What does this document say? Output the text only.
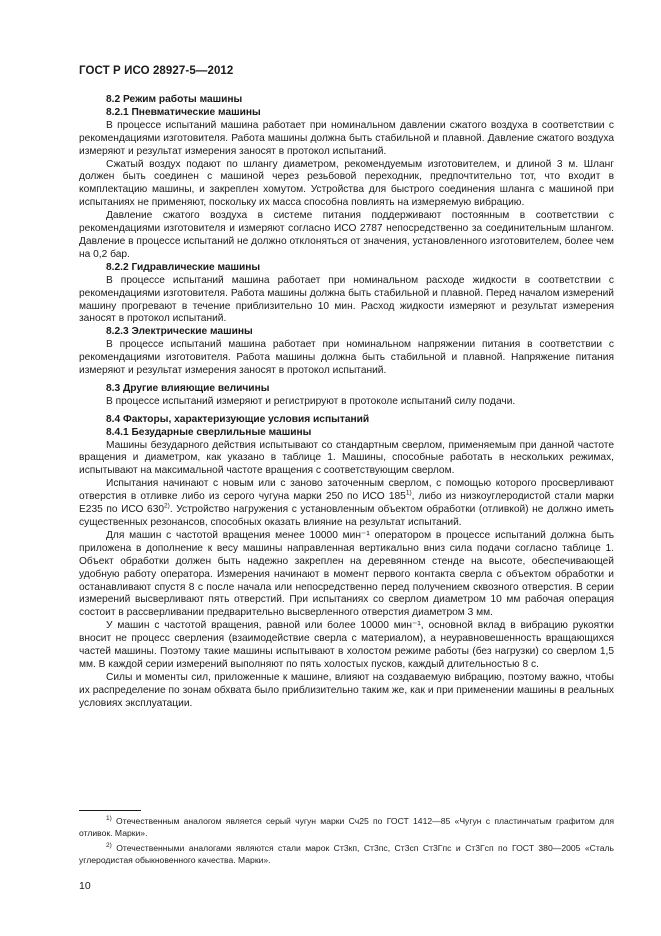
ГОСТ Р ИСО 28927-5—2012

8.2 Режим работы машины

8.2.1 Пневматические машины

В процессе испытаний машина работает при номинальном давлении сжатого воздуха в соответствии с рекомендациями изготовителя. Работа машины должна быть стабильной и плавной. Давление сжатого воздуха измеряют и результат измерения заносят в протокол испытаний.

Сжатый воздух подают по шлангу диаметром, рекомендуемым изготовителем, и длиной 3 м. Шланг должен быть соединен с машиной через резьбовой переходник, предпочтительно тот, что входит в комплектацию машины, и закреплен хомутом. Устройства для быстрого соединения шланга с машиной при испытаниях не применяют, поскольку их масса способна повлиять на измеряемую вибрацию.

Давление сжатого воздуха в системе питания поддерживают постоянным в соответствии с рекомендациями изготовителя и измеряют согласно ИСО 2787 непосредственно за соединительным шлангом. Давление в процессе испытаний не должно отклоняться от значения, установленного изготовителем, более чем на 0,2 бар.

8.2.2 Гидравлические машины

В процессе испытаний машина работает при номинальном расходе жидкости в соответствии с рекомендациями изготовителя. Работа машины должна быть стабильной и плавной. Перед началом измерений машину прогревают в течение приблизительно 10 мин. Расход жидкости измеряют и результат измерения заносят в протокол испытаний.

8.2.3 Электрические машины

В процессе испытаний машина работает при номинальном напряжении питания в соответствии с рекомендациями изготовителя. Работа машины должна быть стабильной и плавной. Напряжение питания измеряют и результат измерения заносят в протокол испытаний.

8.3 Другие влияющие величины

В процессе испытаний измеряют и регистрируют в протоколе испытаний силу подачи.

8.4 Факторы, характеризующие условия испытаний

8.4.1 Безударные сверлильные машины

Машины безударного действия испытывают со стандартным сверлом, применяемым при данной частоте вращения и диаметром, как указано в таблице 1. Машины, способные работать в нескольких режимах, испытывают на максимальной частоте вращения с соответствующим сверлом.

Испытания начинают с новым или с заново заточенным сверлом, с помощью которого просверливают отверстия в отливке либо из серого чугуна марки 250 по ИСО 185$^{1)}$, либо из низкоуглеродистой стали марки E235 по ИСО 630$^{2)}$. Устройство нагружения с установленным объектом обработки (отливкой) не должно иметь существенных резонансов, способных оказать влияние на результат испытаний.

Для машин с частотой вращения менее 10000 мин⁻¹ оператором в процессе испытаний должна быть приложена в дополнение к весу машины направленная вертикально вниз сила подачи согласно таблице 1. Объект обработки должен быть надежно закреплен на деревянном стенде на высоте, обеспечивающей удобную работу оператора. Измерения начинают в момент первого контакта сверла с объектом обработки и останавливают спустя 8 с после начала или непосредственно перед получением сквозного отверстия. В серии измерений высверливают пять отверстий. При испытаниях со сверлом диаметром 10 мм рабочая операция состоит в рассверливании предварительно высверленного отверстия диаметром 3 мм.

У машин с частотой вращения, равной или более 10000 мин⁻¹, основной вклад в вибрацию рукоятки вносит не процесс сверления (взаимодействие сверла с материалом), а неуравновешенность вращающихся частей машины. Поэтому такие машины испытывают в холостом режиме работы (без нагрузки) со сверлом 1,5 мм. В каждой серии измерений выполняют по пять холостых пусков, каждый длительностью 8 с.

Силы и моменты сил, приложенные к машине, влияют на создаваемую вибрацию, поэтому важно, чтобы их распределение по зонам обхвата было приблизительно таким же, как и при применении машины в реальных условиях эксплуатации.

$^{1)}$ Отечественным аналогом является серый чугун марки Сч25 по ГОСТ 1412—85 «Чугун с пластинчатым графитом для отливок. Марки».

$^{2)}$ Отечественными аналогами являются стали марок Ст3кп, Ст3пс, Ст3сп Ст3Гпс и Ст3Гсп по ГОСТ 380—2005 «Сталь углеродистая обыкновенного качества. Марки».

10
